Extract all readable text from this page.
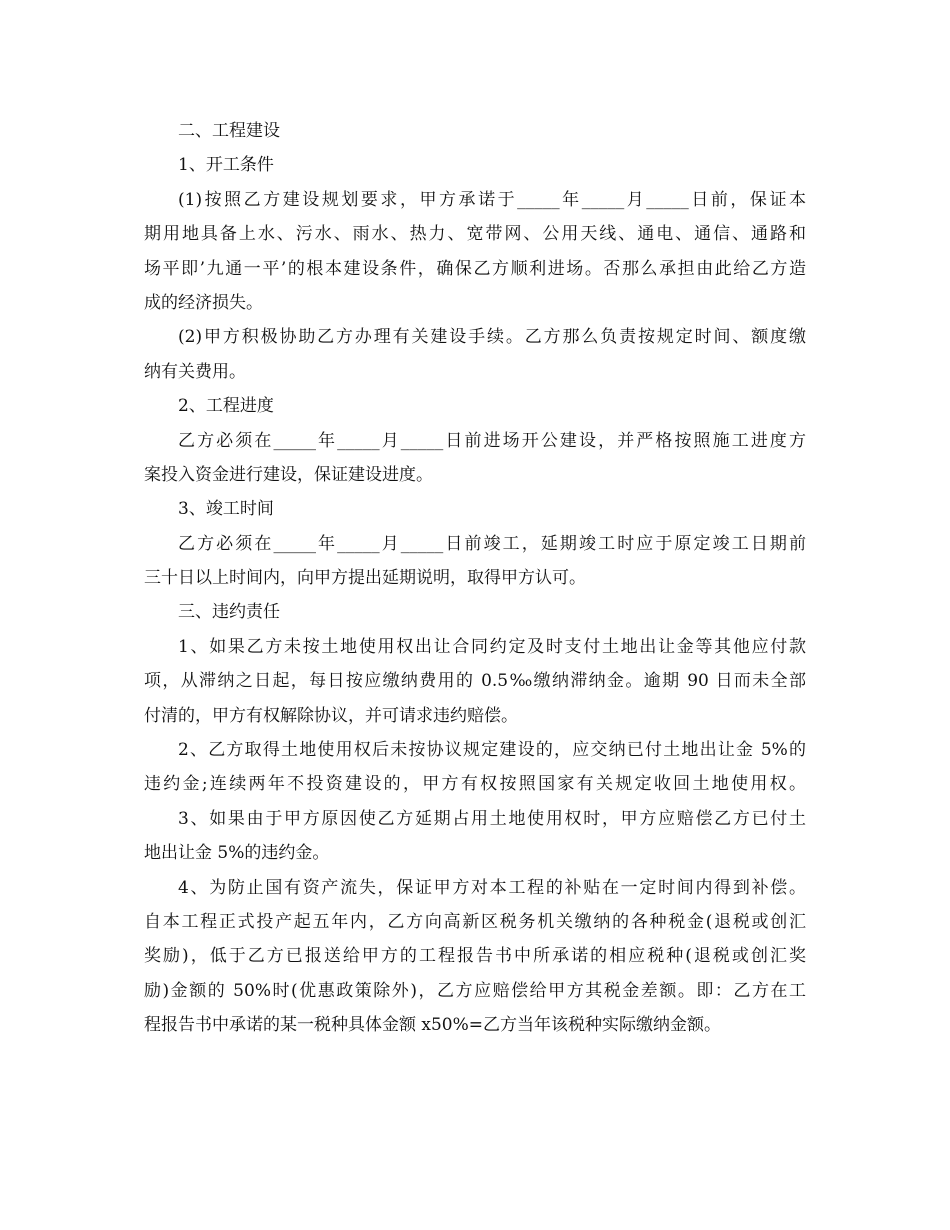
二、工程建设
1、开工条件
(1)按照乙方建设规划要求，甲方承诺于_____年_____月_____日前，保证本
期用地具备上水、污水、雨水、热力、宽带网、公用天线、通电、通信、通路和
场平即’九通一平’的根本建设条件，确保乙方顺利进场。否那么承担由此给乙方造
成的经济损失。
(2)甲方积极协助乙方办理有关建设手续。乙方那么负责按规定时间、额度缴
纳有关费用。
2、工程进度
乙方必须在_____年_____月_____日前进场开公建设，并严格按照施工进度方
案投入资金进行建设，保证建设进度。
3、竣工时间
乙方必须在_____年_____月_____日前竣工，延期竣工时应于原定竣工日期前
三十日以上时间内，向甲方提出延期说明，取得甲方认可。
三、违约责任
1、如果乙方未按土地使用权出让合同约定及时支付土地出让金等其他应付款
项，从滞纳之日起，每日按应缴纳费用的 0.5‰缴纳滞纳金。逾期 90 日而未全部
付清的，甲方有权解除协议，并可请求违约赔偿。
2、乙方取得土地使用权后未按协议规定建设的，应交纳已付土地出让金 5%的
违约金;连续两年不投资建设的，甲方有权按照国家有关规定收回土地使用权。
3、如果由于甲方原因使乙方延期占用土地使用权时，甲方应赔偿乙方已付土
地出让金 5%的违约金。
4、为防止国有资产流失，保证甲方对本工程的补贴在一定时间内得到补偿。
自本工程正式投产起五年内，乙方向高新区税务机关缴纳的各种税金(退税或创汇
奖励)，低于乙方已报送给甲方的工程报告书中所承诺的相应税种(退税或创汇奖
励)金额的 50%时(优惠政策除外)，乙方应赔偿给甲方其税金差额。即：乙方在工
程报告书中承诺的某一税种具体金额 x50%=乙方当年该税种实际缴纳金额。
